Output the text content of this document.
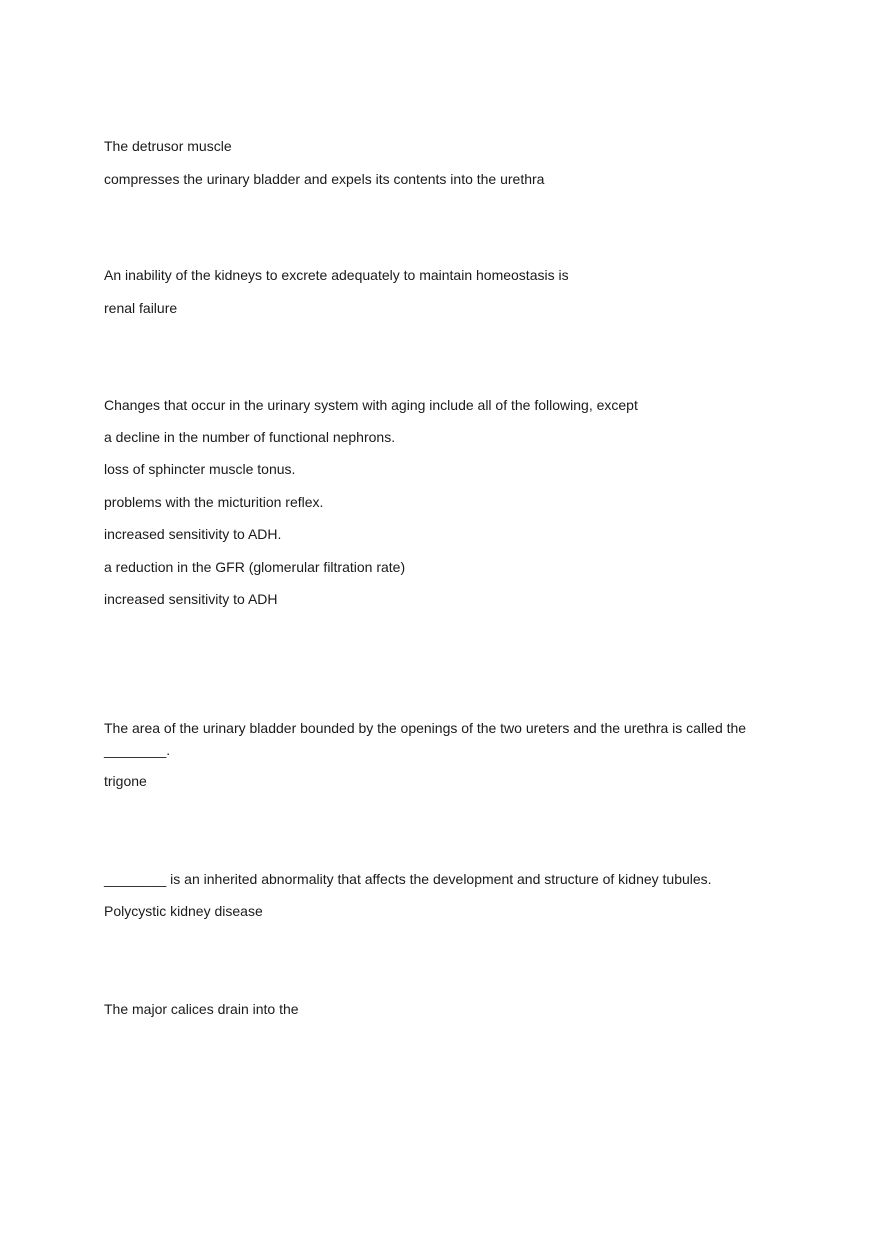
The detrusor muscle

compresses the urinary bladder and expels its contents into the urethra

An inability of the kidneys to excrete adequately to maintain homeostasis is

renal failure

Changes that occur in the urinary system with aging include all of the following, except

a decline in the number of functional nephrons.

loss of sphincter muscle tonus.

problems with the micturition reflex.

increased sensitivity to ADH.

a reduction in the GFR (glomerular filtration rate)

increased sensitivity to ADH

The area of the urinary bladder bounded by the openings of the two ureters and the urethra is called the ________.

trigone

________ is an inherited abnormality that affects the development and structure of kidney tubules.

Polycystic kidney disease

The major calices drain into the
